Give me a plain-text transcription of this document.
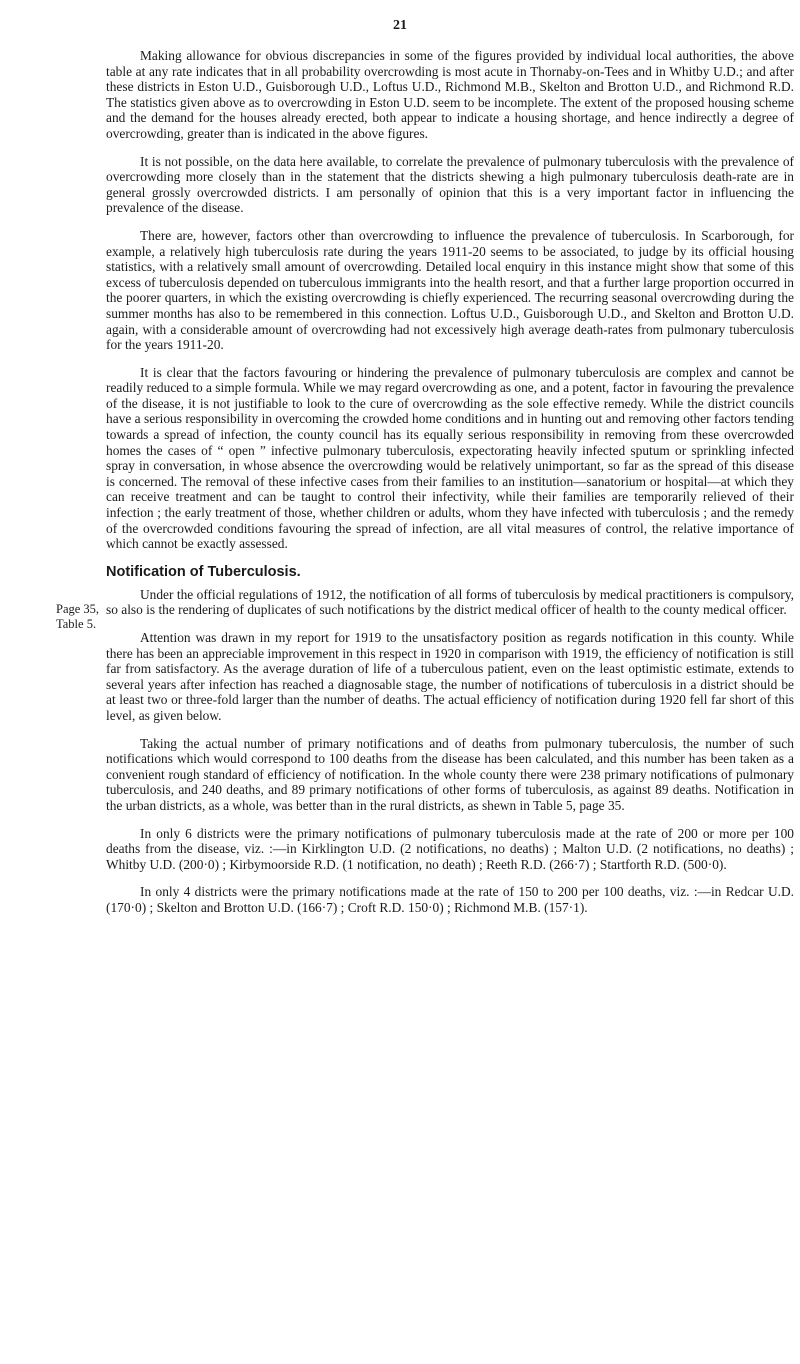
21

Making allowance for obvious discrepancies in some of the figures provided by individual local authorities, the above table at any rate indicates that in all probability overcrowding is most acute in Thornaby-on-Tees and in Whitby U.D.; and after these districts in Eston U.D., Guisborough U.D., Loftus U.D., Richmond M.B., Skelton and Brotton U.D., and Richmond R.D. The statistics given above as to overcrowding in Eston U.D. seem to be incomplete. The extent of the proposed housing scheme and the demand for the houses already erected, both appear to indicate a housing shortage, and hence indirectly a degree of overcrowding, greater than is indicated in the above figures.

It is not possible, on the data here available, to correlate the prevalence of pulmonary tuberculosis with the prevalence of overcrowding more closely than in the statement that the districts shewing a high pulmonary tuberculosis death-rate are in general grossly overcrowded districts. I am personally of opinion that this is a very important factor in influencing the prevalence of the disease.

There are, however, factors other than overcrowding to influence the prevalence of tuberculosis. In Scarborough, for example, a relatively high tuberculosis rate during the years 1911-20 seems to be associated, to judge by its official housing statistics, with a relatively small amount of overcrowding. Detailed local enquiry in this instance might show that some of this excess of tuberculosis depended on tuberculous immigrants into the health resort, and that a further large proportion occurred in the poorer quarters, in which the existing overcrowding is chiefly experienced. The recurring seasonal overcrowding during the summer months has also to be remembered in this connection. Loftus U.D., Guisborough U.D., and Skelton and Brotton U.D. again, with a considerable amount of overcrowding had not excessively high average death-rates from pulmonary tuberculosis for the years 1911-20.

It is clear that the factors favouring or hindering the prevalence of pulmonary tuberculosis are complex and cannot be readily reduced to a simple formula. While we may regard overcrowding as one, and a potent, factor in favouring the prevalence of the disease, it is not justifiable to look to the cure of overcrowding as the sole effective remedy. While the district councils have a serious responsibility in overcoming the crowded home conditions and in hunting out and removing other factors tending towards a spread of infection, the county council has its equally serious responsibility in removing from these overcrowded homes the cases of “ open ” infective pulmonary tuberculosis, expectorating heavily infected sputum or sprinkling infected spray in conversation, in whose absence the overcrowding would be relatively unimportant, so far as the spread of this disease is concerned. The removal of these infective cases from their families to an institution—sanatorium or hospital—at which they can receive treatment and can be taught to control their infectivity, while their families are temporarily relieved of their infection ; the early treatment of those, whether children or adults, whom they have infected with tuberculosis ; and the remedy of the overcrowded conditions favouring the spread of infection, are all vital measures of control, the relative importance of which cannot be exactly assessed.

Notification of Tuberculosis.

Under the official regulations of 1912, the notification of all forms of tuberculosis by medical practitioners is compulsory, so also is the rendering of duplicates of such notifications by the district medical officer of health to the county medical officer.

Attention was drawn in my report for 1919 to the unsatisfactory position as regards notification in this county. While there has been an appreciable improvement in this respect in 1920 in comparison with 1919, the efficiency of notification is still far from satisfactory. As the average duration of life of a tuberculous patient, even on the least optimistic estimate, extends to several years after infection has reached a diagnosable stage, the number of notifications of tuberculosis in a district should be at least two or three-fold larger than the number of deaths. The actual efficiency of notification during 1920 fell far short of this level, as given below.

Taking the actual number of primary notifications and of deaths from pulmonary tuberculosis, the number of such notifications which would correspond to 100 deaths from the disease has been calculated, and this number has been taken as a convenient rough standard of efficiency of notification. In the whole county there were 238 primary notifications of pulmonary tuberculosis, and 240 deaths, and 89 primary notifications of other forms of tuberculosis, as against 89 deaths. Notification in the urban districts, as a whole, was better than in the rural districts, as shewn in Table 5, page 35.

In only 6 districts were the primary notifications of pulmonary tuberculosis made at the rate of 200 or more per 100 deaths from the disease, viz. :—in Kirklington U.D. (2 notifications, no deaths) ; Malton U.D. (2 notifications, no deaths) ; Whitby U.D. (200·0) ; Kirbymoorside R.D. (1 notification, no death) ; Reeth R.D. (266·7) ; Startforth R.D. (500·0).

In only 4 districts were the primary notifications made at the rate of 150 to 200 per 100 deaths, viz. :—in Redcar U.D. (170·0) ; Skelton and Brotton U.D. (166·7) ; Croft R.D. 150·0) ; Richmond M.B. (157·1).

Page 35,
Table 5.
